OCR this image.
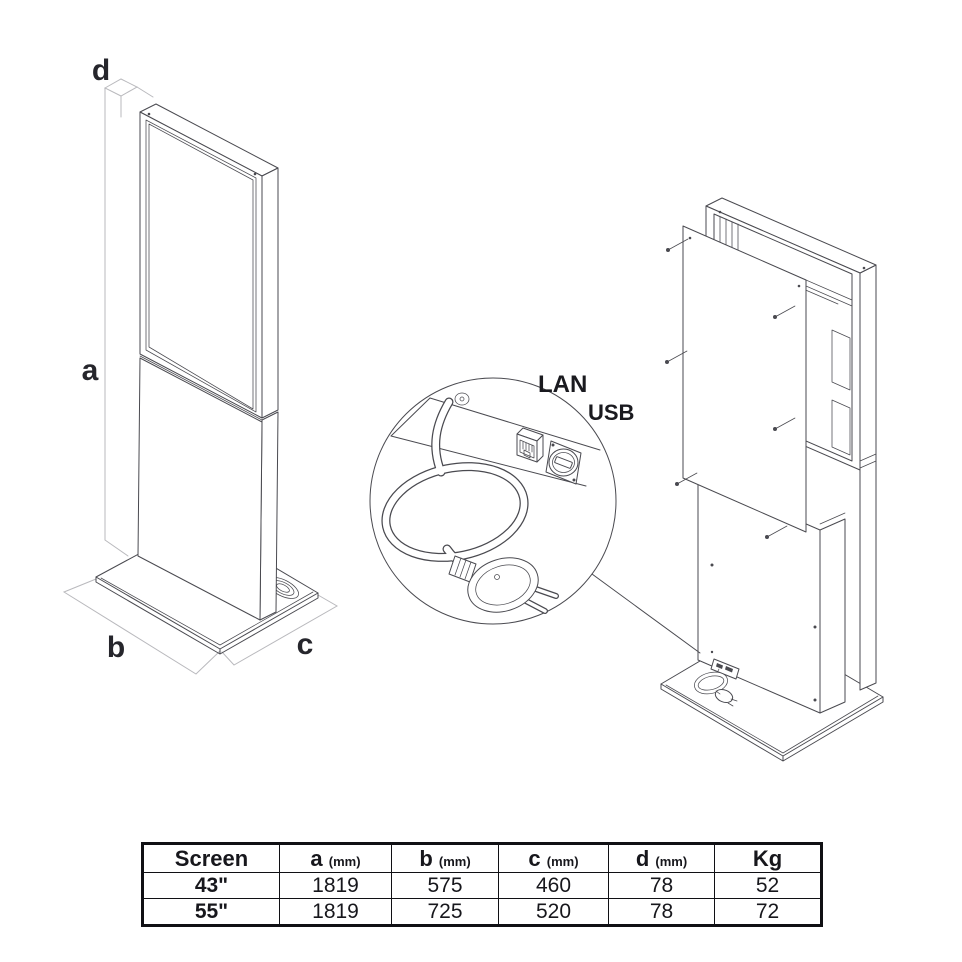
d
a
b	c
LAN
USB
Screen	a (mm)	b (mm)	c (mm)	d (mm)	Kg
43"	1819	575	460	78	52
55"	1819	725	520	78	72
